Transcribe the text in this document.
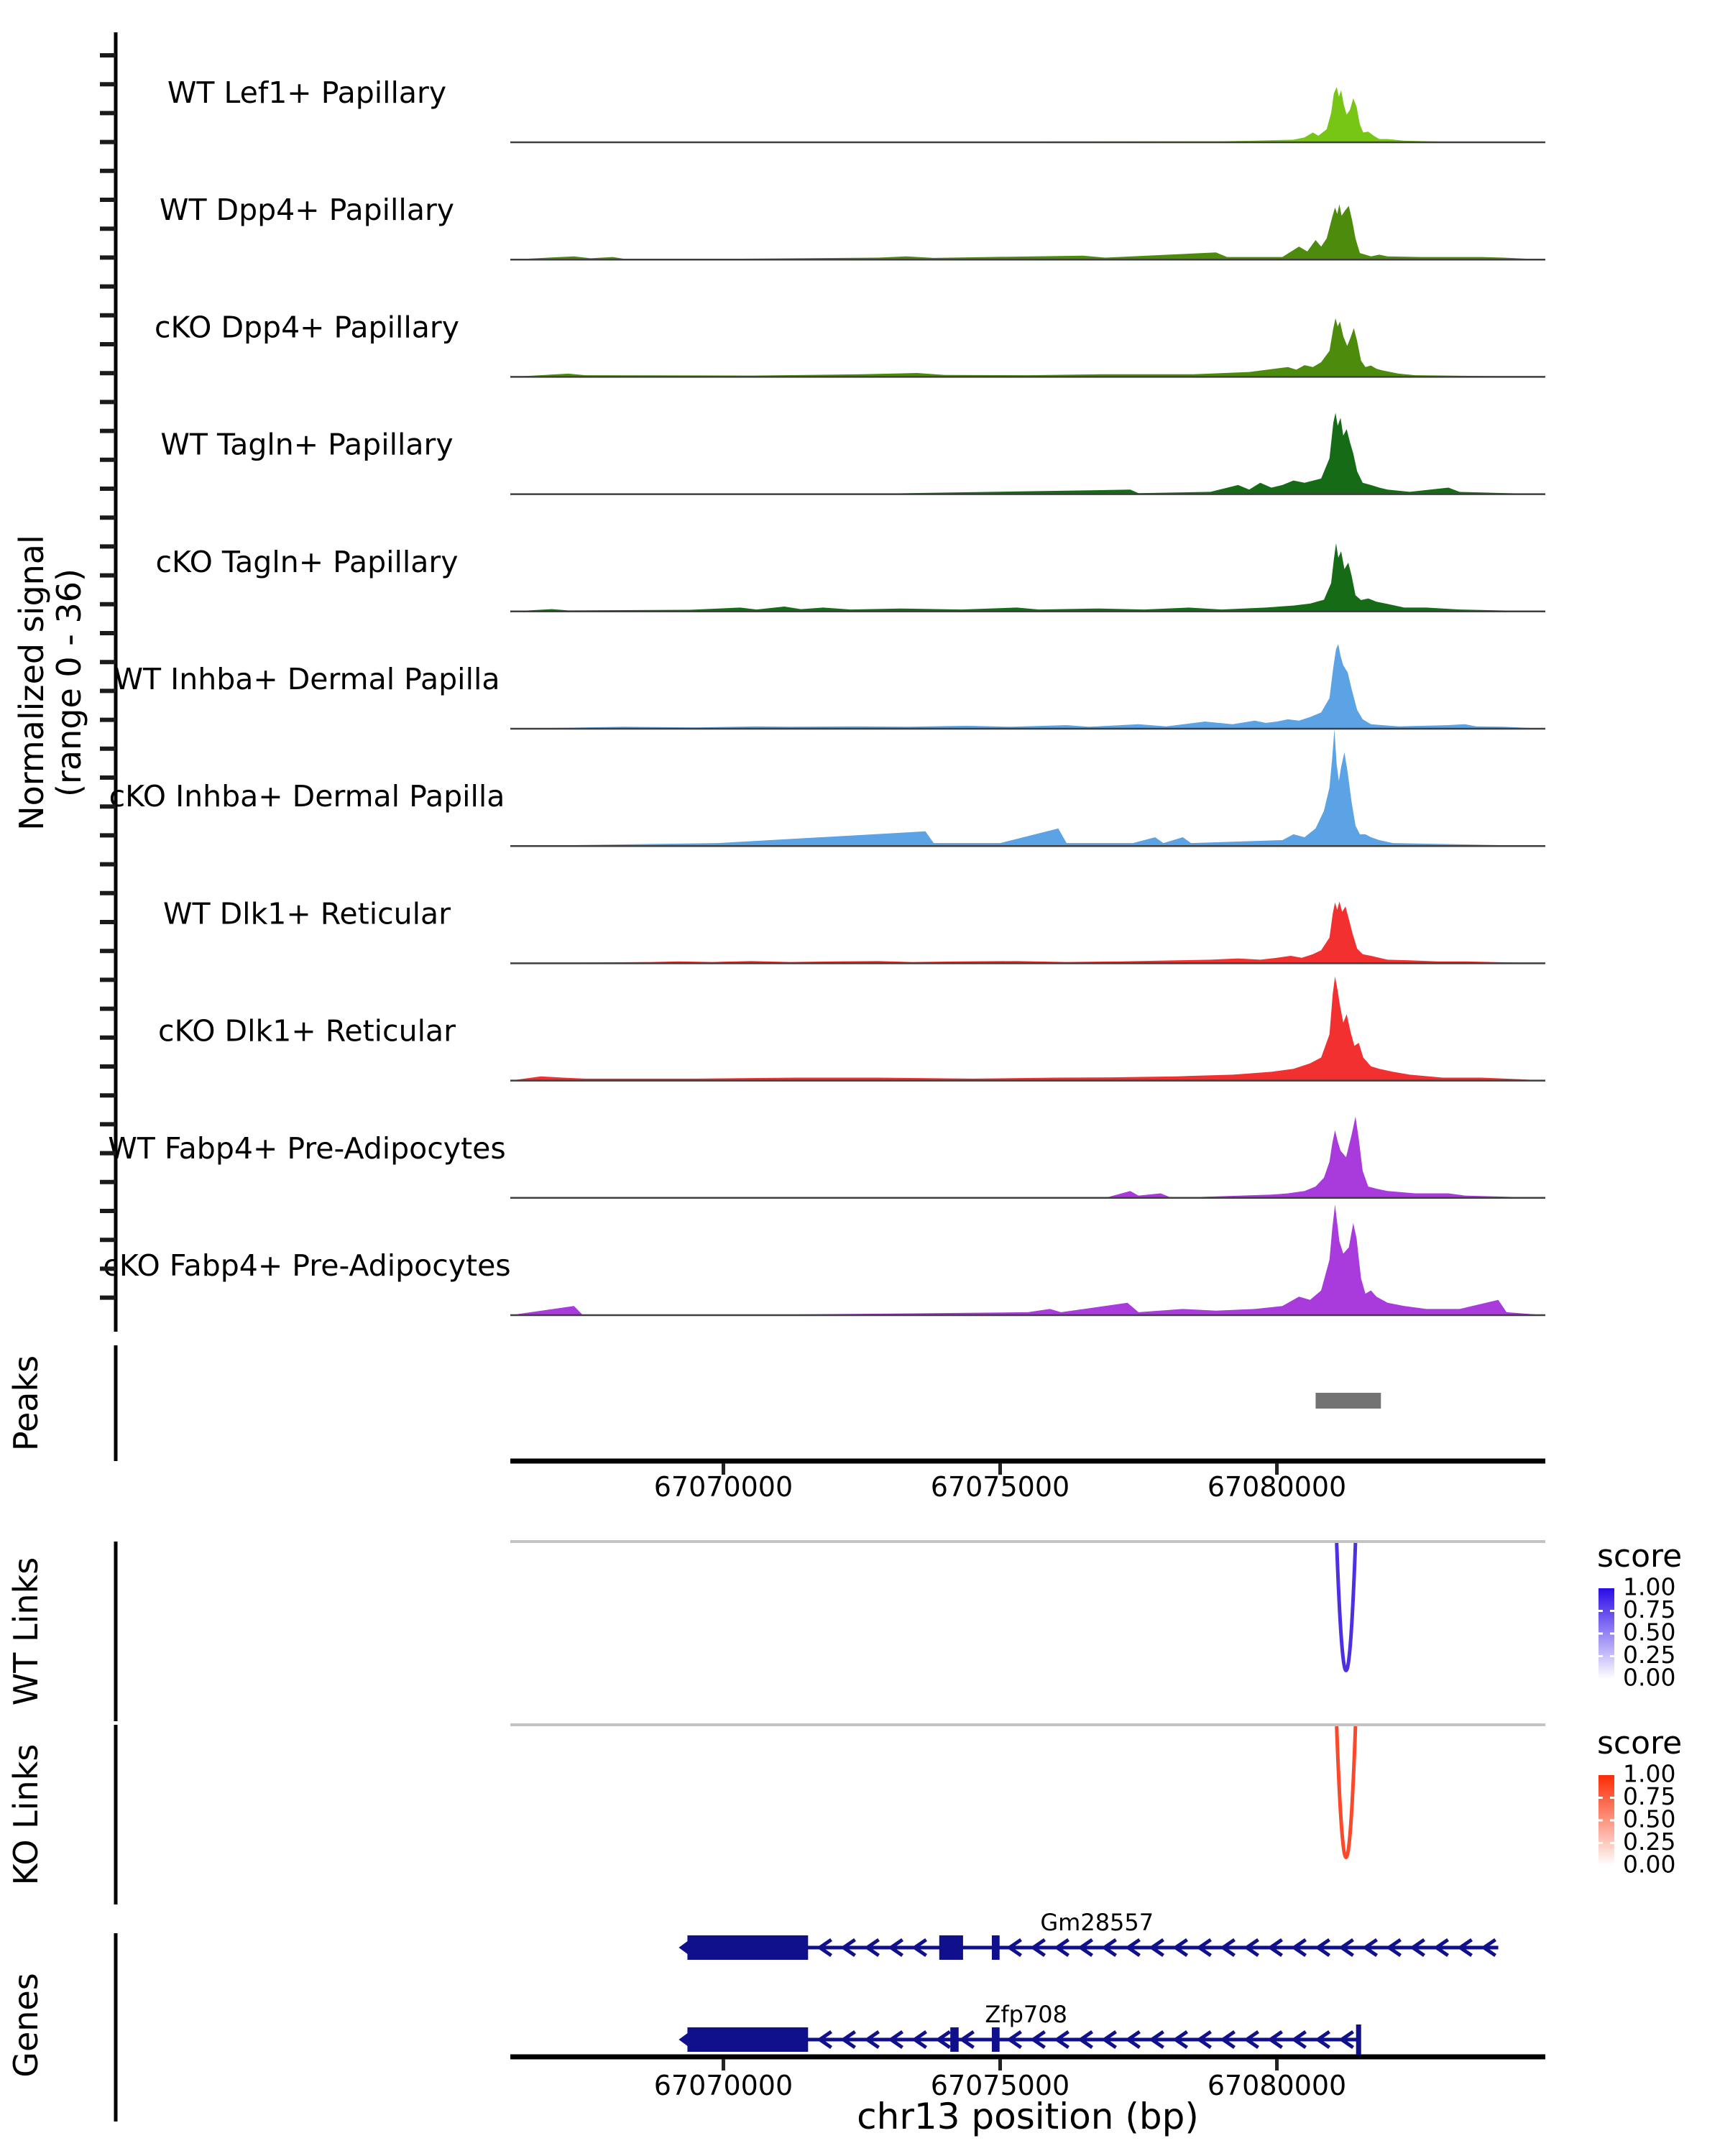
WT Lef1+ Papillary
WT Dpp4+ Papillary
cKO Dpp4+ Papillary
WT Tagln+ Papillary
cKO Tagln+ Papillary
WT Inhba+ Dermal Papilla
cKO Inhba+ Dermal Papilla
WT Dlk1+ Reticular
cKO Dlk1+ Reticular
WT Fabp4+ Pre-Adipocytes
cKO Fabp4+ Pre-Adipocytes
Normalized signal
(range 0 - 36)
Peaks
67070000	67075000	67080000
67070000	67075000	67080000
chr13 position (bp)
WT Links
score
1.00
0.75
0.50
0.25
0.00
KO Links
score
1.00
0.75
0.50
0.25
0.00
Genes
Gm28557
Zfp708
